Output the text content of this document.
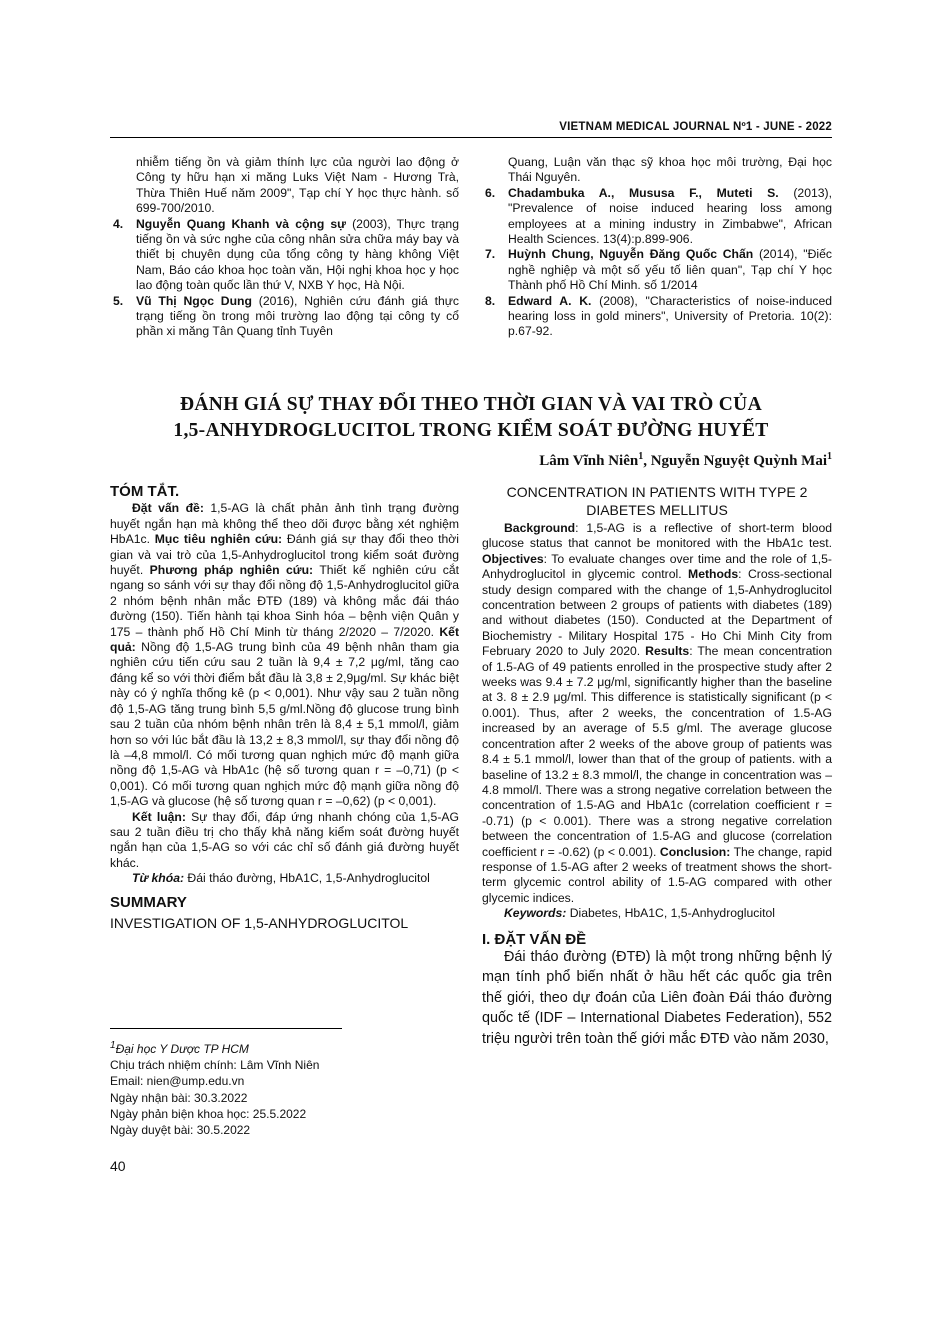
VIETNAM MEDICAL JOURNAL Nº1 - JUNE - 2022

nhiễm tiếng ồn và giảm thính lực của người lao động ở Công ty hữu hạn xi măng Luks Việt Nam - Hương Trà, Thừa Thiên Huế năm 2009", Tạp chí Y học thực hành. số 699-700/2010.

4. Nguyễn Quang Khanh và cộng sự (2003), Thực trạng tiếng ồn và sức nghe của công nhân sửa chữa máy bay và thiết bị chuyên dụng của tổng công ty hàng không Việt Nam, Báo cáo khoa học toàn văn, Hội nghị khoa học y học lao động toàn quốc lần thứ V, NXB Y học, Hà Nội.

5. Vũ Thị Ngọc Dung (2016), Nghiên cứu đánh giá thực trạng tiếng ồn trong môi trường lao động tại công ty cổ phần xi măng Tân Quang tỉnh Tuyên

Quang, Luận văn thạc sỹ khoa học môi trường, Đại học Thái Nguyên.

6. Chadambuka A., Mususa F., Muteti S. (2013), "Prevalence of noise induced hearing loss among employees at a mining industry in Zimbabwe", African Health Sciences. 13(4):p.899-906.

7. Huỳnh Chung, Nguyễn Đăng Quốc Chấn (2014), "Điếc nghề nghiệp và một số yếu tố liên quan", Tạp chí Y học Thành phố Hồ Chí Minh. số 1/2014

8. Edward A. K. (2008), "Characteristics of noise-induced hearing loss in gold miners", University of Pretoria. 10(2): p.67-92.

ĐÁNH GIÁ SỰ THAY ĐỔI THEO THỜI GIAN VÀ VAI TRÒ CỦA
1,5-ANHYDROGLUCITOL TRONG KIỂM SOÁT ĐƯỜNG HUYẾT
Lâm Vĩnh Niên$^1$, Nguyễn Nguyệt Quỳnh Mai$^1$

TÓM TẮT.

Đặt vấn đề: 1,5-AG là chất phản ảnh tình trạng đường huyết ngắn hạn mà không thể theo dõi được bằng xét nghiệm HbA1c. Mục tiêu nghiên cứu: Đánh giá sự thay đổi theo thời gian và vai trò của 1,5-Anhydroglucitol trong kiểm soát đường huyết. Phương pháp nghiên cứu: Thiết kế nghiên cứu cắt ngang so sánh với sự thay đổi nồng độ 1,5-Anhydroglucitol giữa 2 nhóm bệnh nhân mắc ĐTĐ (189) và không mắc đái tháo đường (150). Tiến hành tại khoa Sinh hóa – bệnh viện Quân y 175 – thành phố Hồ Chí Minh từ tháng 2/2020 – 7/2020. Kết quả: Nồng độ 1,5-AG trung bình của 49 bệnh nhân tham gia nghiên cứu tiến cứu sau 2 tuần là 9,4 ± 7,2 μg/ml, tăng cao đáng kể so với thời điểm bắt đầu là 3,8 ± 2,9μg/ml. Sự khác biệt này có ý nghĩa thống kê (p < 0,001). Như vậy sau 2 tuần nồng độ 1,5-AG tăng trung bình 5,5 g/ml.Nồng độ glucose trung bình sau 2 tuần của nhóm bệnh nhân trên là 8,4 ± 5,1 mmol/l, giảm hơn so với lúc bắt đầu là 13,2 ± 8,3 mmol/l, sự thay đổi nồng độ là –4,8 mmol/l. Có mối tương quan nghịch mức độ mạnh giữa nồng độ 1,5-AG và HbA1c (hệ số tương quan r = –0,71) (p < 0,001). Có mối tương quan nghịch mức độ mạnh giữa nồng độ 1,5-AG và glucose (hệ số tương quan r = –0,62) (p < 0,001).

Kết luận: Sự thay đổi, đáp ứng nhanh chóng của 1,5-AG sau 2 tuần điều trị cho thấy khả năng kiểm soát đường huyết ngắn hạn của 1,5-AG so với các chỉ số đánh giá đường huyết khác.

Từ khóa: Đái tháo đường, HbA1C, 1,5-Anhydroglucitol

SUMMARY

INVESTIGATION OF 1,5-ANHYDROGLUCITOL

CONCENTRATION IN PATIENTS WITH TYPE 2 DIABETES MELLITUS

Background: 1,5-AG is a reflective of short-term blood glucose status that cannot be monitored with the HbA1c test. Objectives: To evaluate changes over time and the role of 1,5-Anhydroglucitol in glycemic control. Methods: Cross-sectional study design compared with the change of 1,5-Anhydroglucitol concentration between 2 groups of patients with diabetes (189) and without diabetes (150). Conducted at the Department of Biochemistry - Military Hospital 175 - Ho Chi Minh City from February 2020 to July 2020. Results: The mean concentration of 1.5-AG of 49 patients enrolled in the prospective study after 2 weeks was 9.4 ± 7.2 μg/ml, significantly higher than the baseline at 3. 8 ± 2.9 μg/ml. This difference is statistically significant (p < 0.001). Thus, after 2 weeks, the concentration of 1.5-AG increased by an average of 5.5 g/ml. The average glucose concentration after 2 weeks of the above group of patients was 8.4 ± 5.1 mmol/l, lower than that of the group of patients. with a baseline of 13.2 ± 8.3 mmol/l, the change in concentration was –4.8 mmol/l. There was a strong negative correlation between the concentration of 1.5-AG and HbA1c (correlation coefficient r = -0.71) (p < 0.001). There was a strong negative correlation between the concentration of 1.5-AG and glucose (correlation coefficient r = -0.62) (p < 0.001). Conclusion: The change, rapid response of 1.5-AG after 2 weeks of treatment shows the short-term glycemic control ability of 1.5-AG compared with other glycemic indices.

Keywords: Diabetes, HbA1C, 1,5-Anhydroglucitol

I. ĐẶT VẤN ĐỀ

Đái tháo đường (ĐTĐ) là một trong những bệnh lý mạn tính phổ biến nhất ở hầu hết các quốc gia trên thế giới, theo dự đoán của Liên đoàn Đái tháo đường quốc tế (IDF – International Diabetes Federation), 552 triệu người trên toàn thế giới mắc ĐTĐ vào năm 2030,

$^1$Đại học Y Dược TP HCM
Chịu trách nhiệm chính: Lâm Vĩnh Niên
Email: nien@ump.edu.vn
Ngày nhận bài: 30.3.2022
Ngày phản biện khoa học: 25.5.2022
Ngày duyệt bài: 30.5.2022
40
